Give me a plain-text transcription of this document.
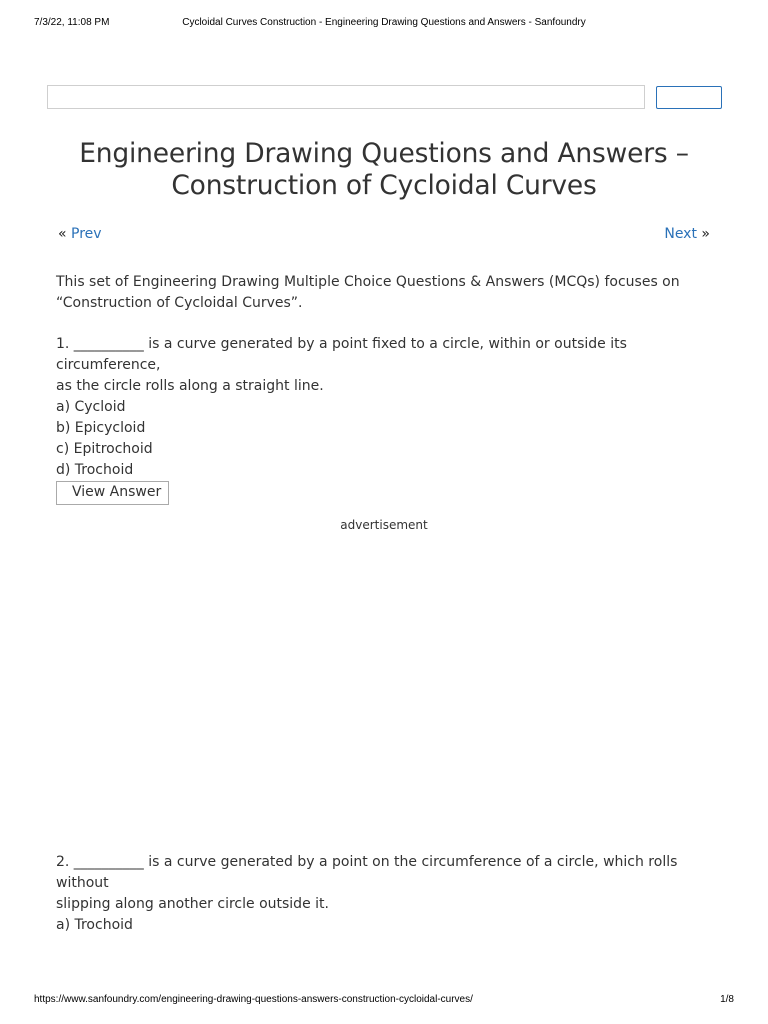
7/3/22, 11:08 PM	Cycloidal Curves Construction - Engineering Drawing Questions and Answers - Sanfoundry
Engineering Drawing Questions and Answers –
Construction of Cycloidal Curves
« Prev	Next »

This set of Engineering Drawing Multiple Choice Questions & Answers (MCQs) focuses on
“Construction of Cycloidal Curves”.

1. __________ is a curve generated by a point fixed to a circle, within or outside its circumference,
as the circle rolls along a straight line.
a) Cycloid
b) Epicycloid
c) Epitrochoid
d) Trochoid

View Answer
advertisement

2. __________ is a curve generated by a point on the circumference of a circle, which rolls without
slipping along another circle outside it.
a) Trochoid

https://www.sanfoundry.com/engineering-drawing-questions-answers-construction-cycloidal-curves/	1/8
